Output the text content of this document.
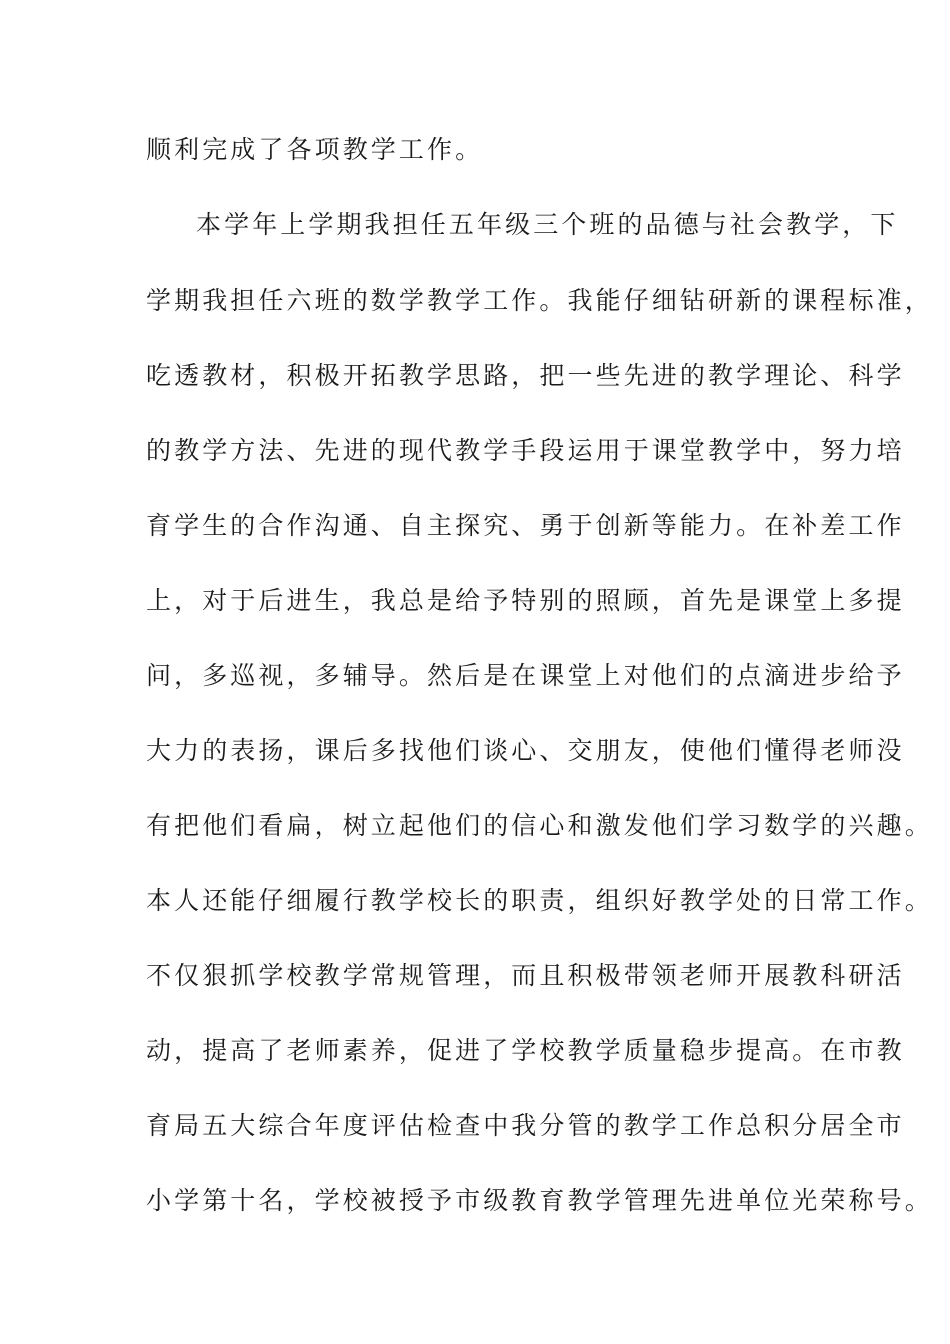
顺利完成了各项教学工作。
本学年上学期我担任五年级三个班的品德与社会教学，下
学期我担任六班的数学教学工作。我能仔细钻研新的课程标准，
吃透教材，积极开拓教学思路，把一些先进的教学理论、科学
的教学方法、先进的现代教学手段运用于课堂教学中，努力培
育学生的合作沟通、自主探究、勇于创新等能力。在补差工作
上，对于后进生，我总是给予特别的照顾，首先是课堂上多提
问，多巡视，多辅导。然后是在课堂上对他们的点滴进步给予
大力的表扬，课后多找他们谈心、交朋友，使他们懂得老师没
有把他们看扁，树立起他们的信心和激发他们学习数学的兴趣。
本人还能仔细履行教学校长的职责，组织好教学处的日常工作。
不仅狠抓学校教学常规管理，而且积极带领老师开展教科研活
动，提高了老师素养，促进了学校教学质量稳步提高。在市教
育局五大综合年度评估检查中我分管的教学工作总积分居全市
小学第十名，学校被授予市级教育教学管理先进单位光荣称号。
